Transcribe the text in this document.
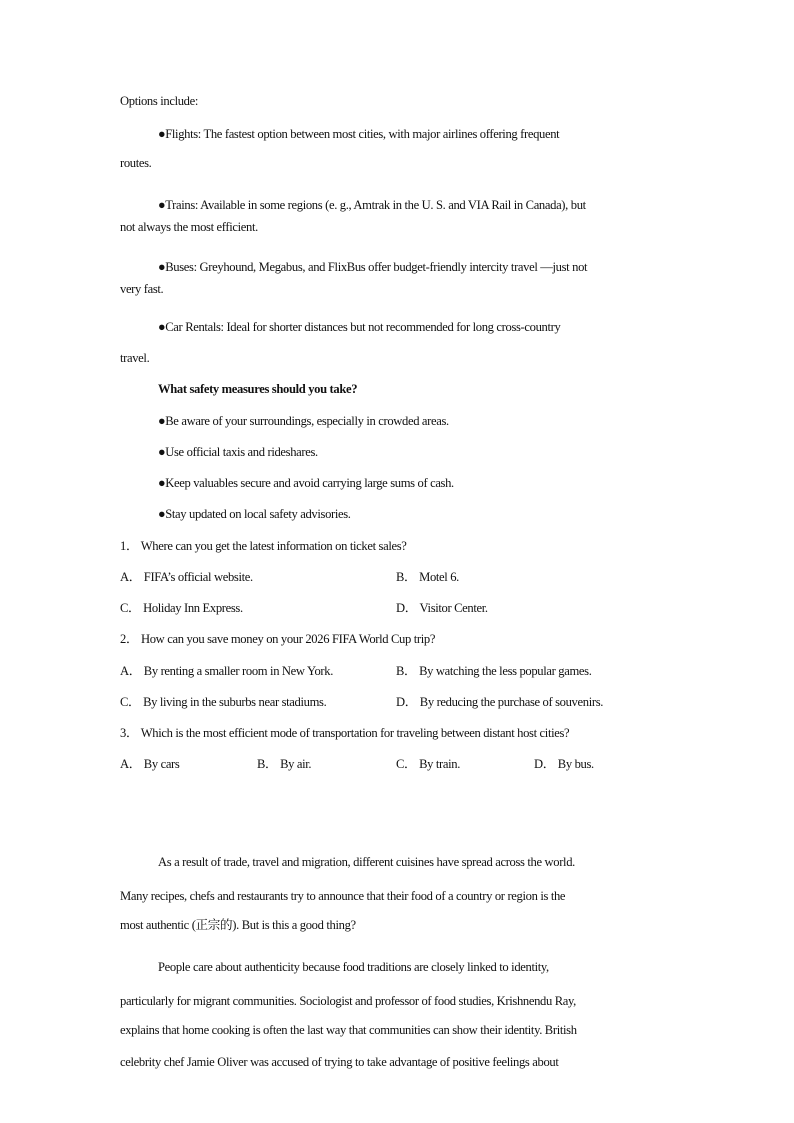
Options include:
●Flights: The fastest option between most cities, with major airlines offering frequent
routes.
●Trains: Available in some regions (e. g., Amtrak in the U. S. and VIA Rail in Canada), but
not always the most efficient.
●Buses: Greyhound, Megabus, and FlixBus offer budget-friendly intercity travel —just not
very fast.
●Car Rentals: Ideal for shorter distances but not recommended for long cross-country
travel.
What safety measures should you take?
●Be aware of your surroundings, especially in crowded areas.
●Use official taxis and rideshares.
●Keep valuables secure and avoid carrying large sums of cash.
●Stay updated on local safety advisories.
1． Where can you get the latest information on ticket sales?
A． FIFA’s official website.	B． Motel 6.
C． Holiday Inn Express.	D． Visitor Center.
2． How can you save money on your 2026 FIFA World Cup trip?
A． By renting a smaller room in New York.	B． By watching the less popular games.
C． By living in the suburbs near stadiums.	D． By reducing the purchase of souvenirs.
3． Which is the most efficient mode of transportation for traveling between distant host cities?
A． By cars	B． By air.	C． By train.	D． By bus.
As a result of trade, travel and migration, different cuisines have spread across the world.
Many recipes, chefs and restaurants try to announce that their food of a country or region is the
most authentic (正宗的). But is this a good thing?
People care about authenticity because food traditions are closely linked to identity,
particularly for migrant communities. Sociologist and professor of food studies, Krishnendu Ray,
explains that home cooking is often the last way that communities can show their identity. British
celebrity chef Jamie Oliver was accused of trying to take advantage of positive feelings about
